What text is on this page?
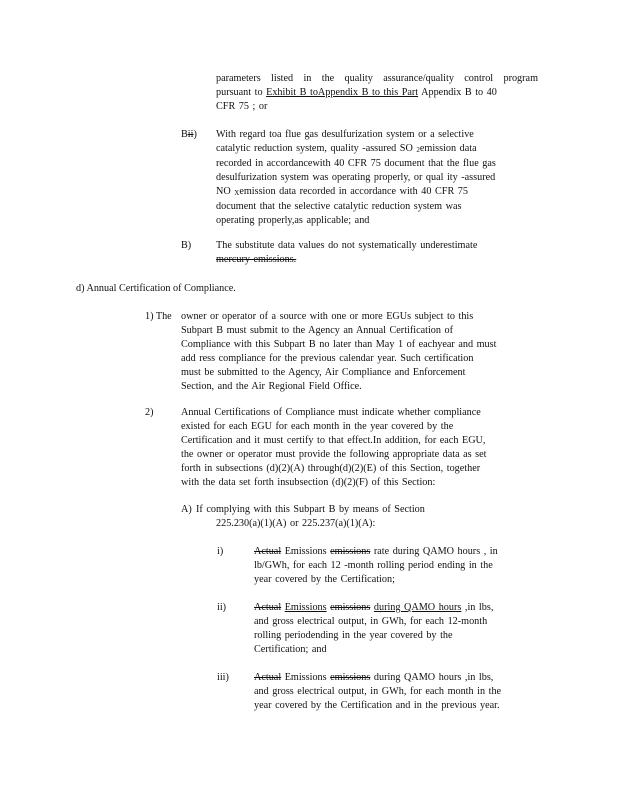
parameters listed in the quality assurance/quality control program
pursuant to Exhibit B toAppendix B to this Part Appendix B to 40
CFR 75 ; or
Bii) With regard toa flue gas desulfurization system or a selective
catalytic reduction system, quality -assured SO 2emission data
recorded in accordancewith 40 CFR 75 document that the flue gas
desulfurization system was operating properly, or qual ity -assured
NO Xemission data recorded in accordance with 40 CFR 75
document that the selective catalytic reduction system was
operating properly,as applicable; and
B) The substitute data values do not systematically underestimate
mercury emissions.
d) Annual Certification of Compliance.
1) The owner or operator of a source with one or more EGUs subject to this
Subpart B must submit to the Agency an Annual Certification of
Compliance with this Subpart B no later than May 1 of eachyear and must
add ress compliance for the previous calendar year. Such certification
must be submitted to the Agency, Air Compliance and Enforcement
Section, and the Air Regional Field Office.
2)	Annual Certifications of Compliance must indicate whether compliance
existed for each EGU for each month in the year covered by the
Certification and it must certify to that effect.In addition, for each EGU,
the owner or operator must provide the following appropriate data as set
forth in subsections (d)(2)(A) through(d)(2)(E) of this Section, together
with the data set forth insubsection (d)(2)(F) of this Section:
A) If complying with this Subpart B by means of Section
225.230(a)(1)(A) or 225.237(a)(1)(A):
i)	Actual Emissions emissions rate during QAMO hours , in
lb/GWh, for each 12 -month rolling period ending in the
year covered by the Certification;
ii)	Actual Emissions emissions during QAMO hours ,in lbs,
and gross electrical output, in GWh, for each 12-month
rolling periodending in the year covered by the
Certification; and
iii) Actual Emissions emissions during QAMO hours ,in lbs,
and gross electrical output, in GWh, for each month in the
year covered by the Certification and in the previous year.
